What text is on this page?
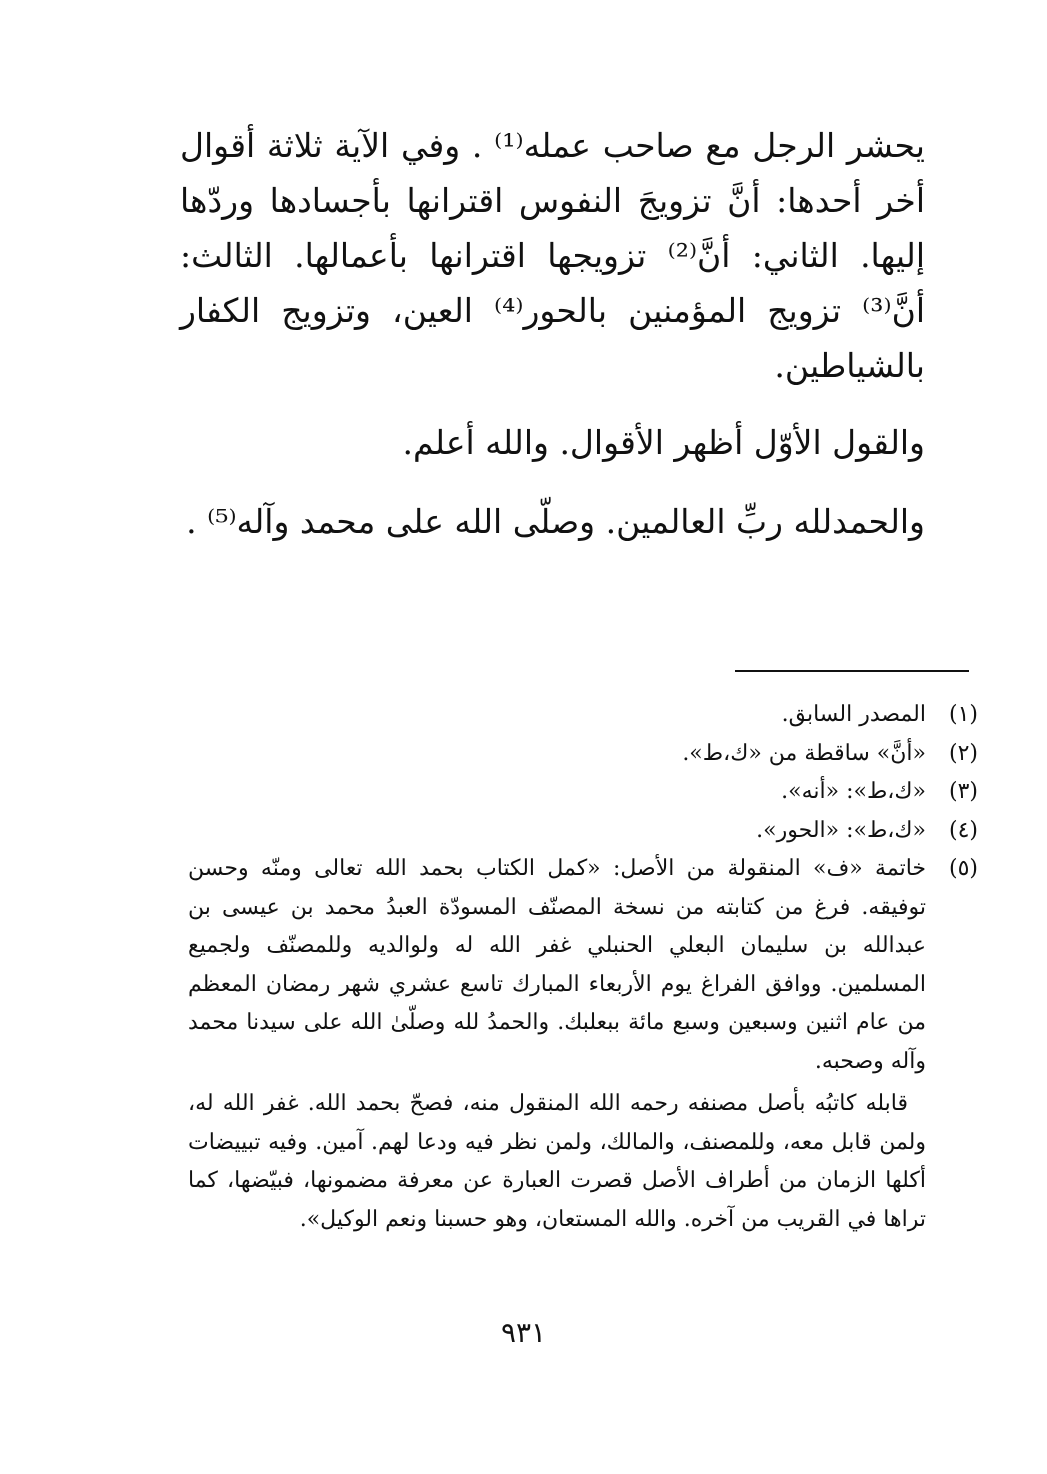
يحشر الرجل مع صاحب عمله⁽¹⁾ . وفي الآية ثلاثة أقوال أخر أحدها: أنَّ تزويجَ النفوس اقترانها بأجسادها وردّها إليها. الثاني: أنَّ⁽²⁾ تزويجها اقترانها بأعمالها. الثالث: أنَّ⁽³⁾ تزويج المؤمنين بالحور⁽⁴⁾ العين، وتزويج الكفار بالشياطين.

والقول الأوّل أظهر الأقوال. والله أعلم.

والحمدلله ربِّ العالمين. وصلّى الله على محمد وآله⁽⁵⁾ .

(١)
المصدر السابق.
(٢)
«أنَّ» ساقطة من «ك،ط».
(٣)
«ك،ط»: «أنه».
(٤)
«ك،ط»: «الحور».
(٥)

خاتمة «ف» المنقولة من الأصل: «كمل الكتاب بحمد الله تعالى ومنّه وحسن توفيقه. فرغ من كتابته من نسخة المصنّف المسودّة العبدُ محمد بن عيسى بن عبدالله بن سليمان البعلي الحنبلي غفر الله له ولوالديه وللمصنّف ولجميع المسلمين. ووافق الفراغ يوم الأربعاء المبارك تاسع عشري شهر رمضان المعظم من عام اثنين وسبعين وسبع مائة ببعلبك. والحمدُ لله وصلّىٰ الله على سيدنا محمد وآله وصحبه.

قابله كاتبُه بأصل مصنفه رحمه الله المنقول منه، فصحّ بحمد الله. غفر الله له، ولمن قابل معه، وللمصنف، والمالك، ولمن نظر فيه ودعا لهم. آمين. وفيه تبييضات أكلها الزمان من أطراف الأصل قصرت العبارة عن معرفة مضمونها، فبيّضها، كما تراها في القريب من آخره. والله المستعان، وهو حسبنا ونعم الوكيل».

٩٣١
